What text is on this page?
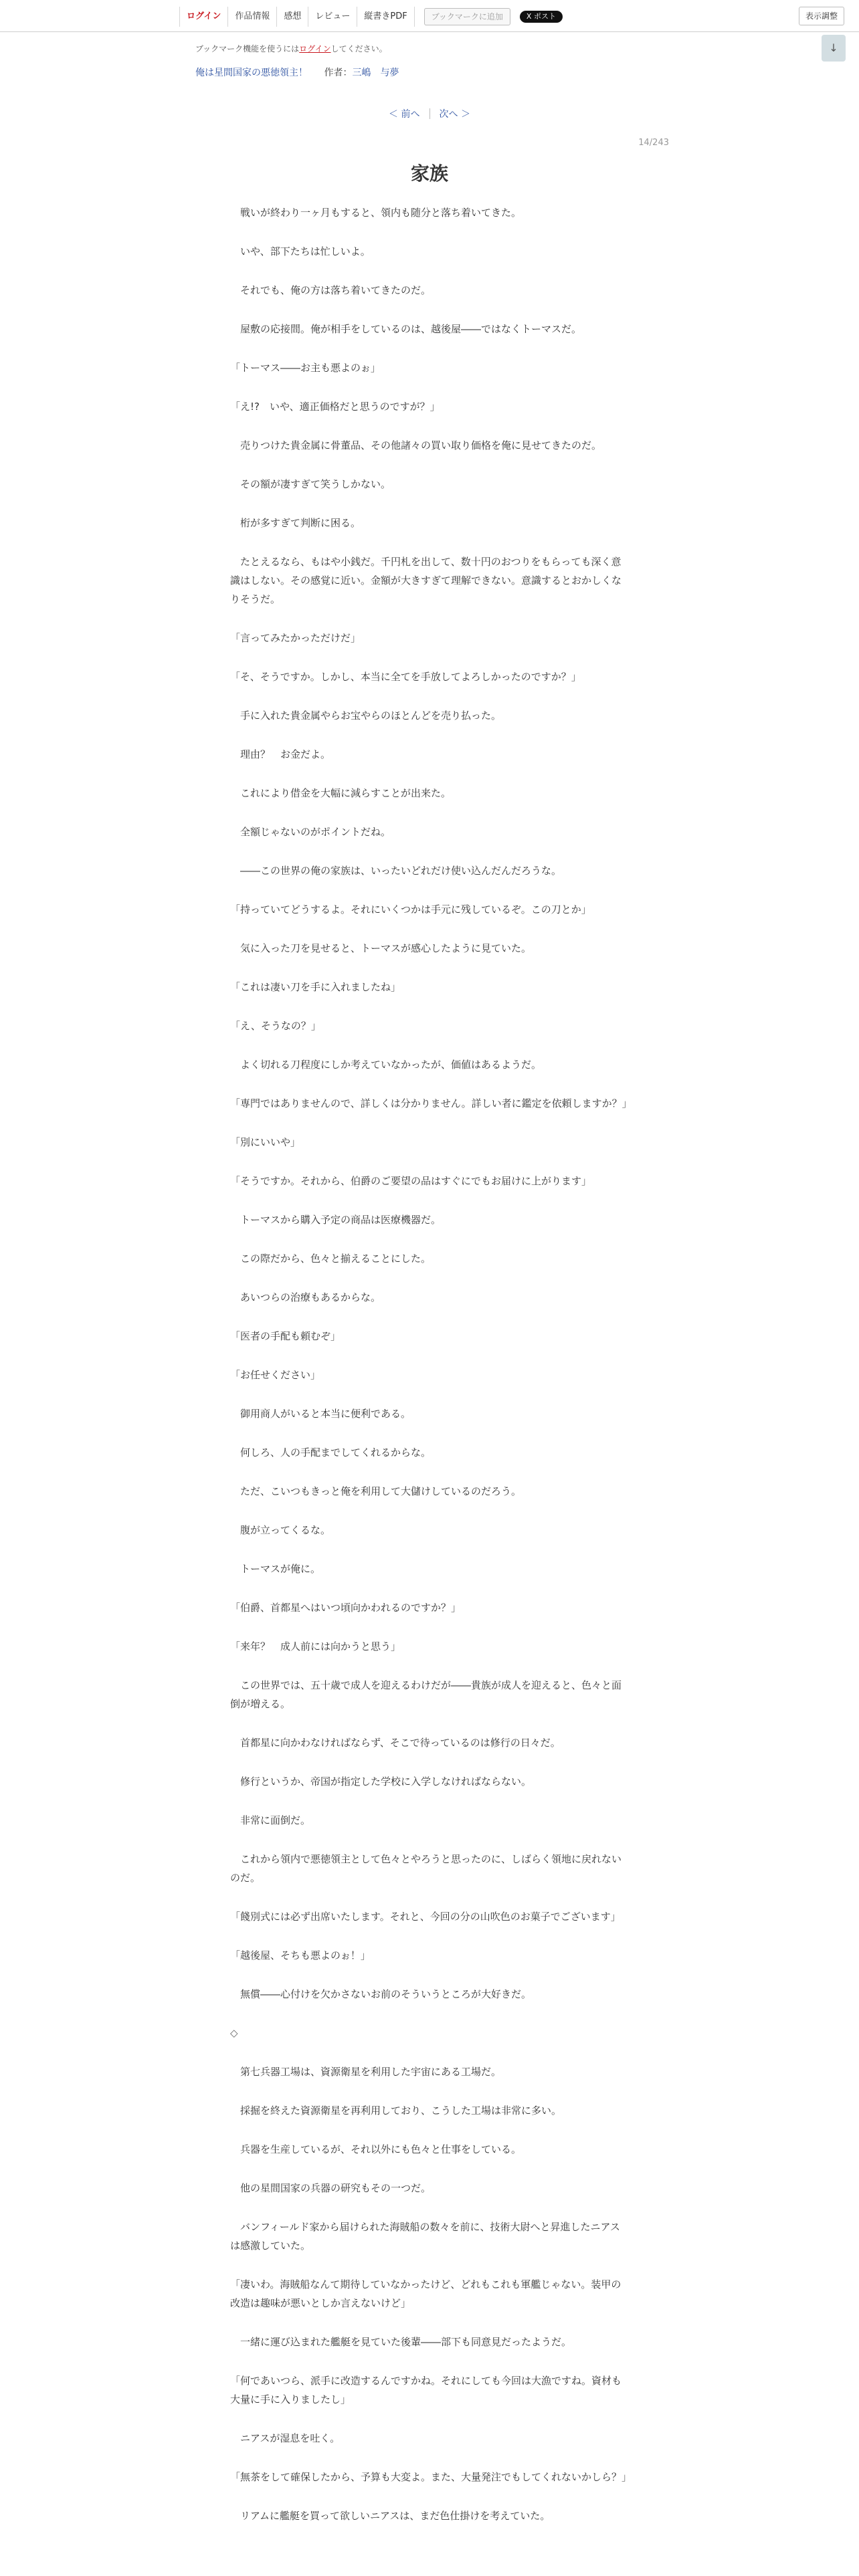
ログイン	作品情報	感想	レビュー	縦書きPDF	ブックマークに追加	X ポスト	表示調整
↓
ブックマーク機能を使うにはログインしてください。
俺は星間国家の悪徳領主！ 作者：三嶋　与夢
＜ 前へ	次へ ＞
14/243
家族

　戦いが終わり一ヶ月もすると、領内も随分と落ち着いてきた。

　いや、部下たちは忙しいよ。

　それでも、俺の方は落ち着いてきたのだ。

　屋敷の応接間。俺が相手をしているのは、越後屋――ではなくトーマスだ。

「トーマス――お主も悪よのぉ」

「え!?　いや、適正価格だと思うのですが？」

　売りつけた貴金属に骨董品、その他諸々の買い取り価格を俺に見せてきたのだ。

　その額が凄すぎて笑うしかない。

　桁が多すぎて判断に困る。

　たとえるなら、もはや小銭だ。千円札を出して、数十円のおつりをもらっても深く意識はしない。その感覚に近い。金額が大きすぎて理解できない。意識するとおかしくなりそうだ。

「言ってみたかっただけだ」

「そ、そうですか。しかし、本当に全てを手放してよろしかったのですか？」

　手に入れた貴金属やらお宝やらのほとんどを売り払った。

　理由？　お金だよ。

　これにより借金を大幅に減らすことが出来た。

　全額じゃないのがポイントだね。

　――この世界の俺の家族は、いったいどれだけ使い込んだんだろうな。

「持っていてどうするよ。それにいくつかは手元に残しているぞ。この刀とか」

　気に入った刀を見せると、トーマスが感心したように見ていた。

「これは凄い刀を手に入れましたね」

「え、そうなの？」

　よく切れる刀程度にしか考えていなかったが、価値はあるようだ。

「専門ではありませんので、詳しくは分かりません。詳しい者に鑑定を依頼しますか？」

「別にいいや」

「そうですか。それから、伯爵のご要望の品はすぐにでもお届けに上がります」

　トーマスから購入予定の商品は医療機器だ。

　この際だから、色々と揃えることにした。

　あいつらの治療もあるからな。

「医者の手配も頼むぞ」

「お任せください」

　御用商人がいると本当に便利である。

　何しろ、人の手配までしてくれるからな。

　ただ、こいつもきっと俺を利用して大儲けしているのだろう。

　腹が立ってくるな。

　トーマスが俺に。

「伯爵、首都星へはいつ頃向かわれるのですか？」

「来年？　成人前には向かうと思う」

　この世界では、五十歳で成人を迎えるわけだが――貴族が成人を迎えると、色々と面倒が増える。

　首都星に向かわなければならず、そこで待っているのは修行の日々だ。

　修行というか、帝国が指定した学校に入学しなければならない。

　非常に面倒だ。

　これから領内で悪徳領主として色々とやろうと思ったのに、しばらく領地に戻れないのだ。

「餞別式には必ず出席いたします。それと、今回の分の山吹色のお菓子でございます」

「越後屋、そちも悪よのぉ！」

　無償――心付けを欠かさないお前のそういうところが大好きだ。

◇

　第七兵器工場は、資源衛星を利用した宇宙にある工場だ。

　採掘を終えた資源衛星を再利用しており、こうした工場は非常に多い。

　兵器を生産しているが、それ以外にも色々と仕事をしている。

　他の星間国家の兵器の研究もその一つだ。

　バンフィールド家から届けられた海賊船の数々を前に、技術大尉へと昇進したニアスは感激していた。

「凄いわ。海賊船なんて期待していなかったけど、どれもこれも軍艦じゃない。装甲の改造は趣味が悪いとしか言えないけど」

　一緒に運び込まれた艦艇を見ていた後輩――部下も同意見だったようだ。

「何であいつら、派手に改造するんですかね。それにしても今回は大漁ですね。資材も大量に手に入りましたし」

　ニアスが湿息を吐く。

「無茶をして確保したから、予算も大変よ。また、大量発注でもしてくれないかしら？」

　リアムに艦艇を買って欲しいニアスは、まだ色仕掛けを考えていた。
